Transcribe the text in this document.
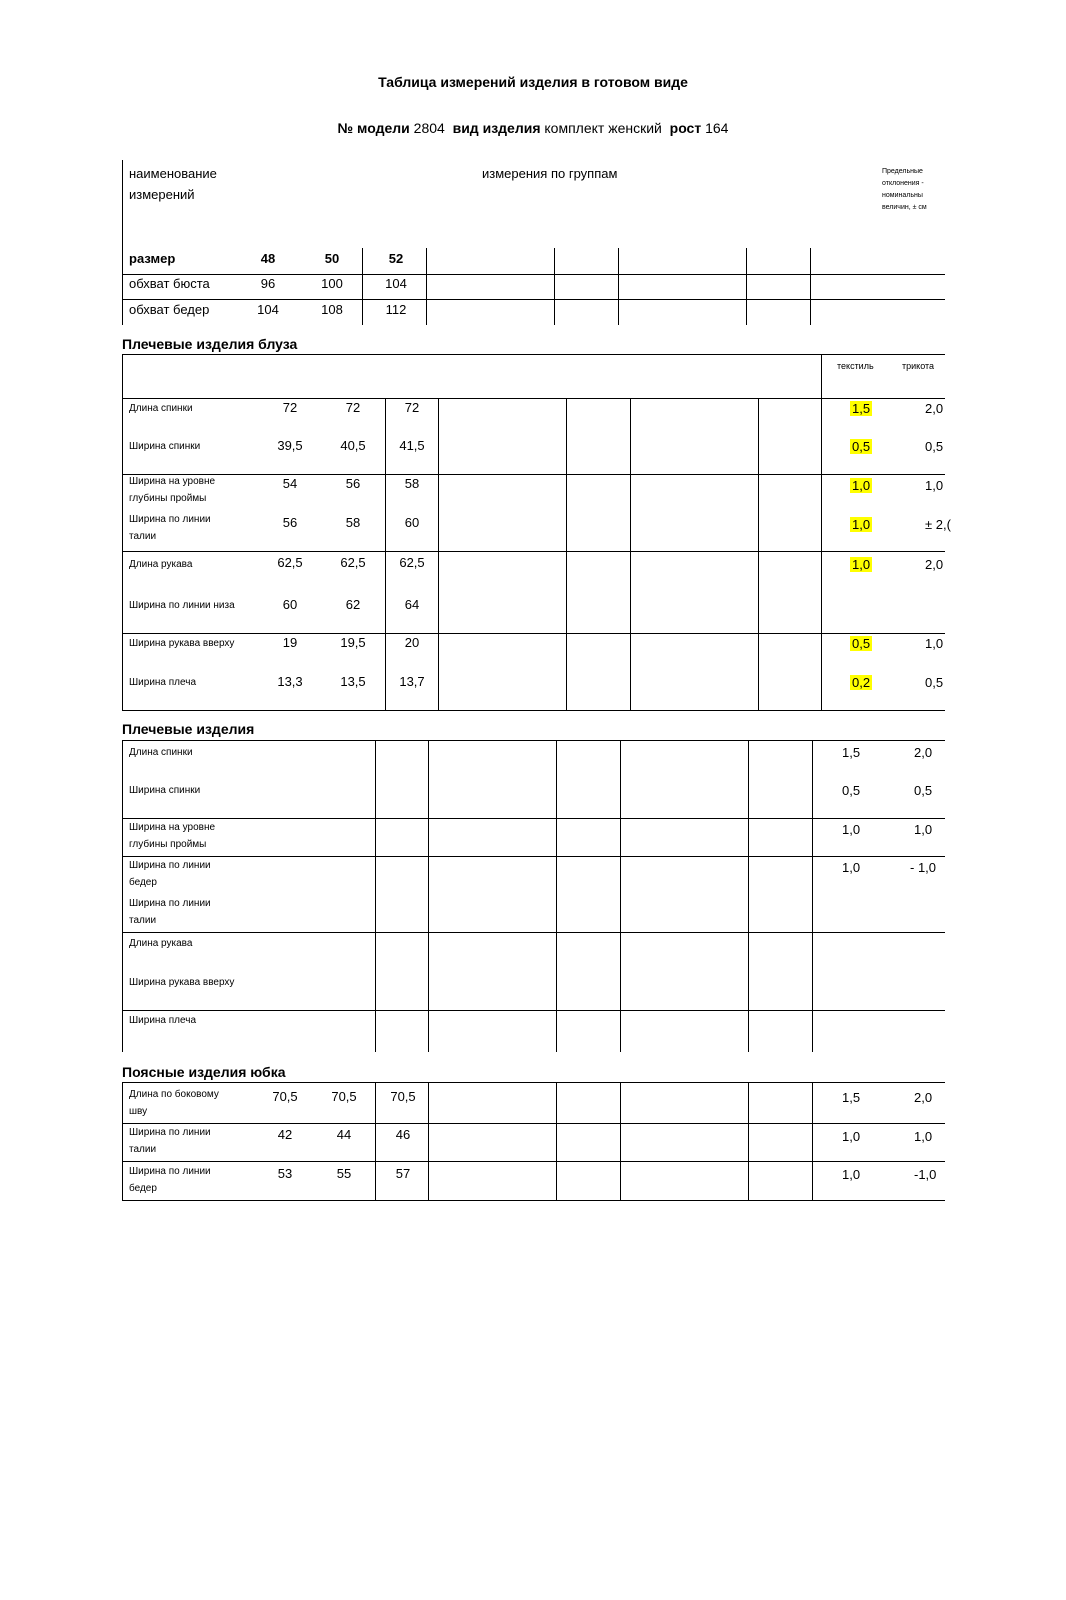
Таблица измерений изделия в готовом виде
№ модели 2804 вид изделия комплект женский рост 164
наименование
измерений
измерения по группам	Предельные
отклонения -
номинальны
величин, ± см
размер	48	50	52
обхват бюста	96	100	104
обхват бедер	104	108	112
Плечевые изделия блуза
текстиль	трикота
Длина спинки	72	72	72	1,5	2,0
Ширина спинки	39,5	40,5	41,5	0,5	0,5
Ширина на уровне
глубины проймы
54	56	58	1,0	1,0
Ширина по линии
талии
56	58	60	1,0	± 2,(
Длина рукава	62,5	62,5	62,5	1,0	2,0
Ширина по линии низа	60	62	64
Ширина рукава вверху	19	19,5	20	0,5	1,0
Ширина плеча	13,3	13,5	13,7	0,2	0,5
Плечевые изделия
Длина спинки	1,5	2,0
Ширина спинки	0,5	0,5
Ширина на уровне
глубины проймы
1,0	1,0
Ширина по линии
бедер
1,0	- 1,0
Ширина по линии
талии
Длина рукава
Ширина рукава вверху
Ширина плеча
Поясные изделия юбка
Длина по боковому
шву
70,5	70,5	70,5	1,5	2,0
Ширина по линии
талии
42	44	46	1,0	1,0
Ширина по линии
бедер
53	55	57	1,0	-1,0
